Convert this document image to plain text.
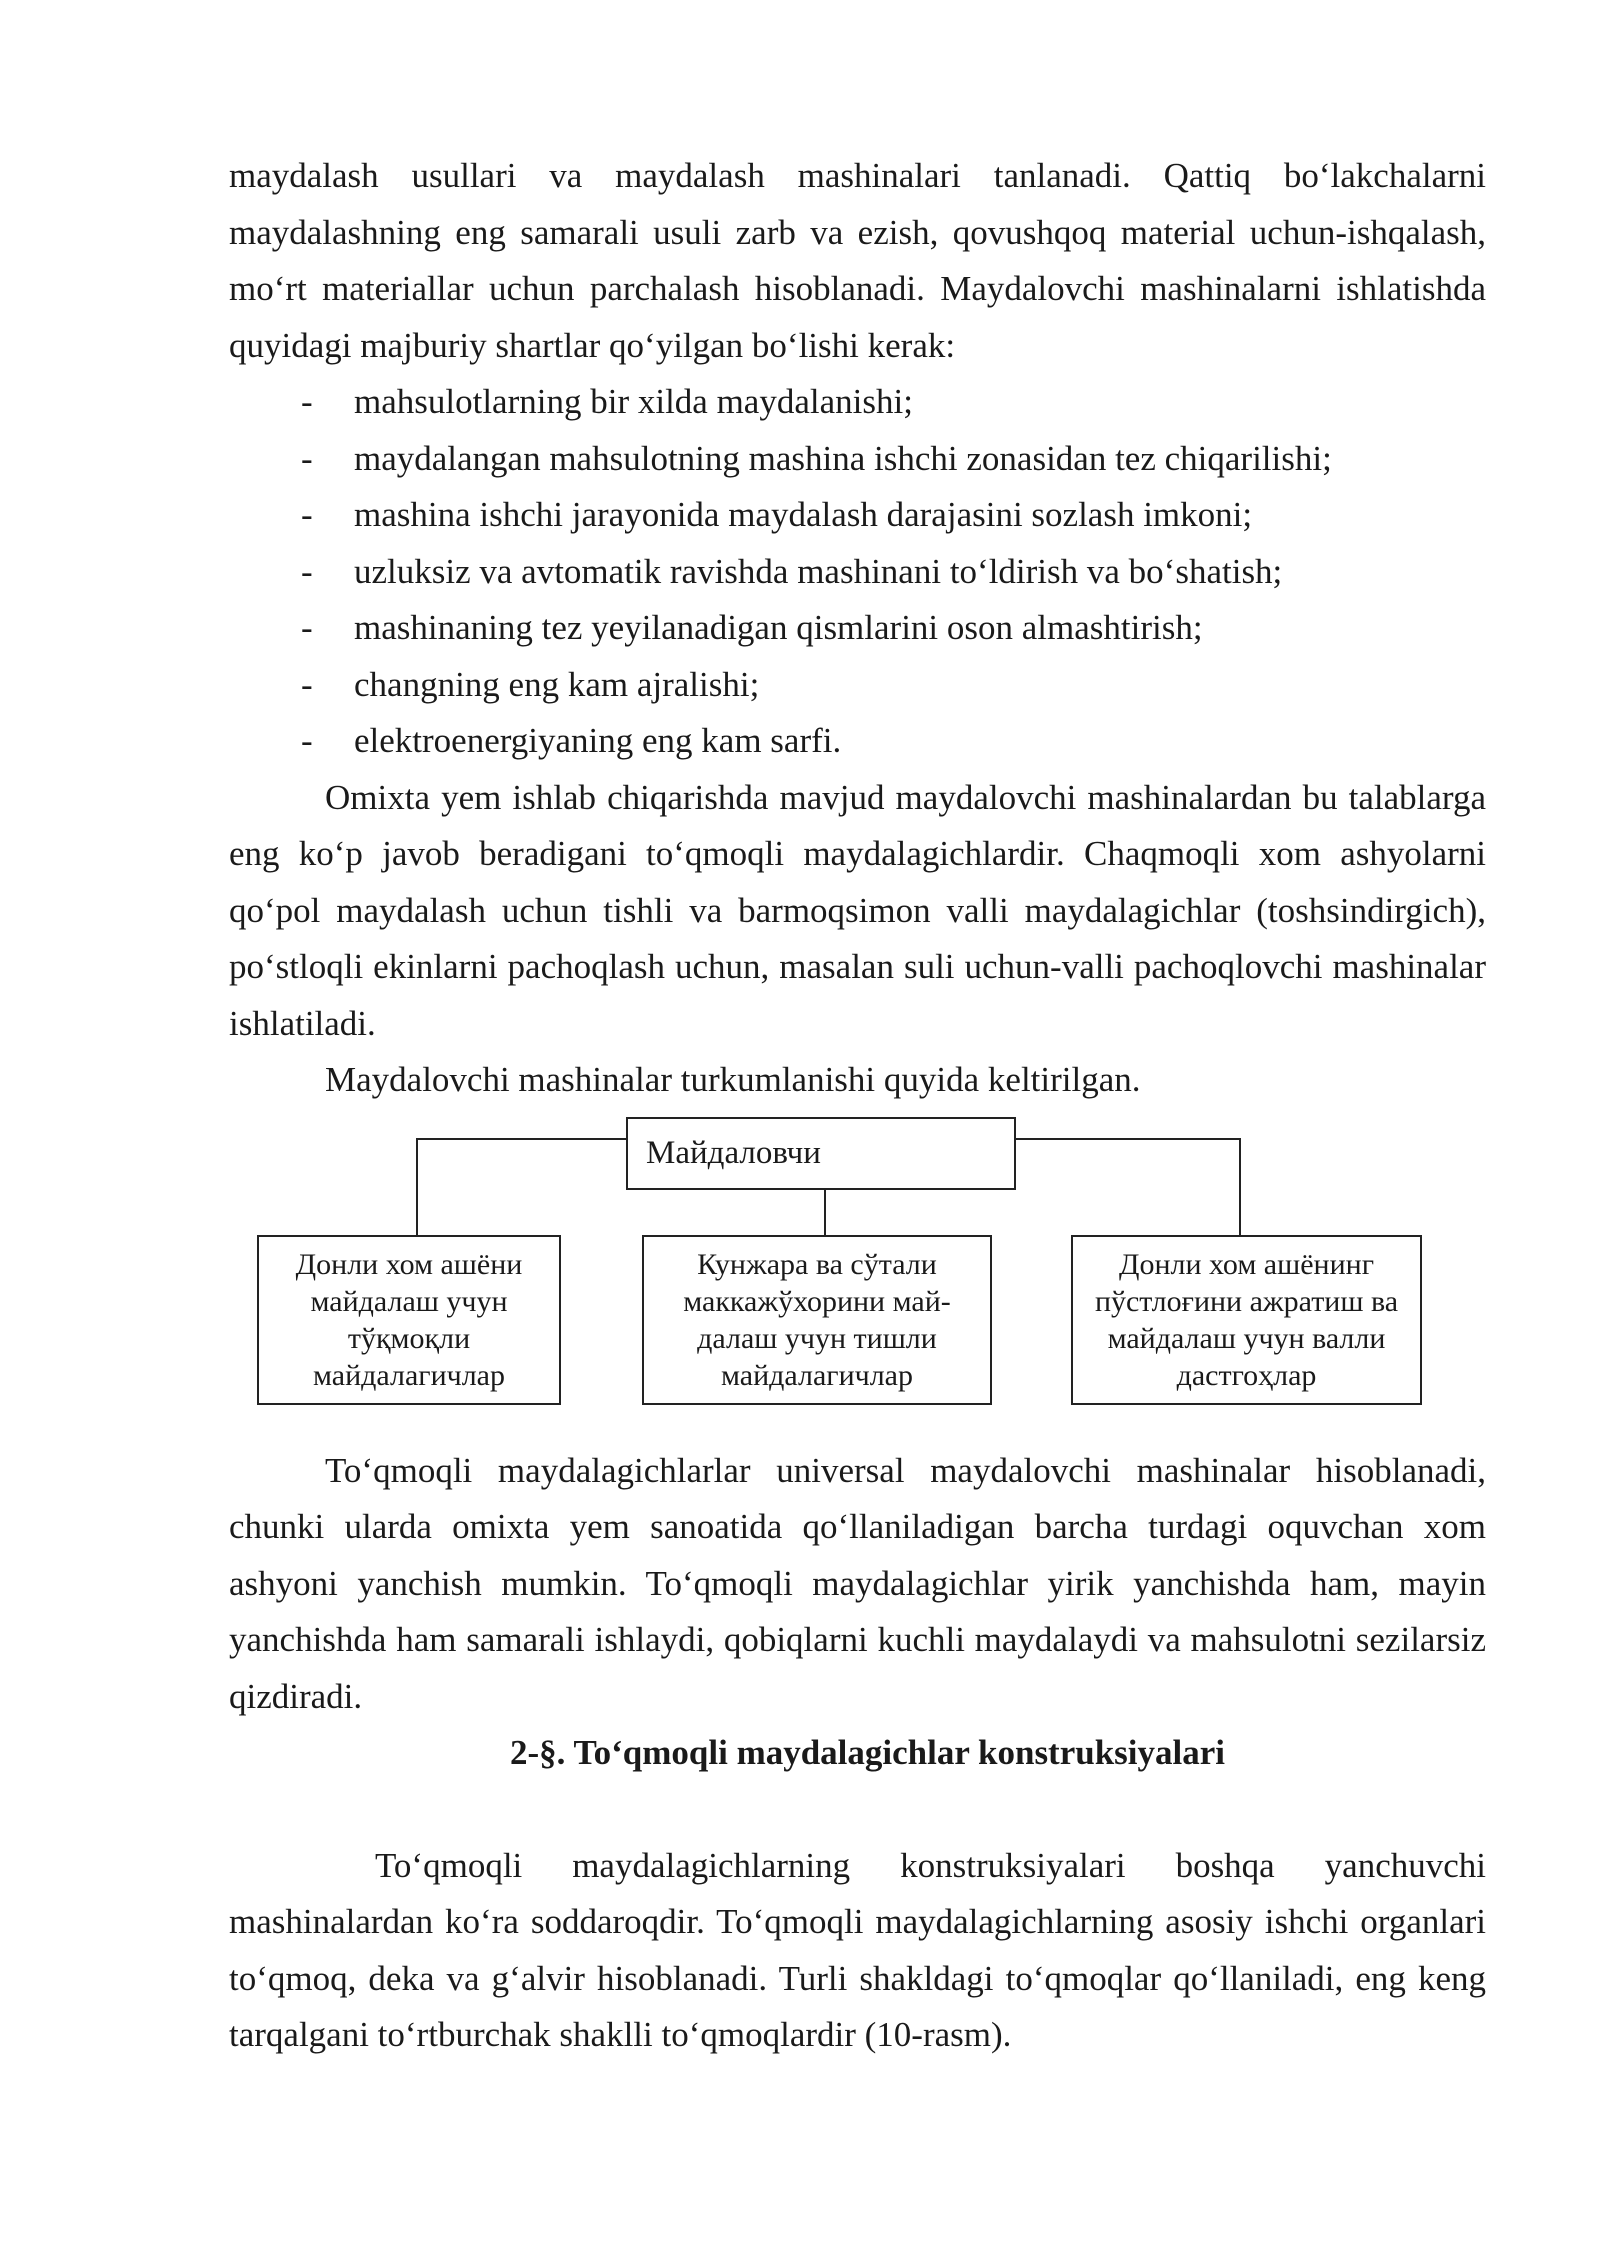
maydalash usullari va maydalash mashinalari tanlanadi. Qattiq bo‘lakchalarni maydalashning eng samarali usuli zarb va ezish, qovushqoq material uchun-ishqalash, mo‘rt materiallar uchun parchalash hisoblanadi. Maydalovchi mashinalarni ishlatishda quyidagi majburiy shartlar qo‘yilgan bo‘lishi kerak:

- mahsulotlarning bir xilda maydalanishi;
- maydalangan mahsulotning mashina ishchi zonasidan tez chiqarilishi;
- mashina ishchi jarayonida maydalash darajasini sozlash imkoni;
- uzluksiz va avtomatik ravishda mashinani to‘ldirish va bo‘shatish;
- mashinaning tez yeyilanadigan qismlarini oson almashtirish;
- changning eng kam ajralishi;
- elektroenergiyaning eng kam sarfi.

Omixta yem ishlab chiqarishda mavjud maydalovchi mashinalardan bu talablarga eng ko‘p javob beradigani to‘qmoqli maydalagichlardir. Chaqmoqli xom ashyolarni qo‘pol maydalash uchun tishli va barmoqsimon valli maydalagichlar (toshsindirgich), po‘stloqli ekinlarni pachoqlash uchun, masalan suli uchun-valli pachoqlovchi mashinalar ishlatiladi.

Maydalovchi mashinalar turkumlanishi quyida keltirilgan.

Майдаловчи
Донли хом ашёни майдалаш учун тўқмоқли майдалагичлар
Кунжара ва сўтали маккажўхорини май-далаш учун тишли майдалагичлар
Донли хом ашёнинг пўстлоғини ажратиш ва майдалаш учун валли дастгоҳлар

To‘qmoqli maydalagichlarlar universal maydalovchi mashinalar hisoblanadi, chunki ularda omixta yem sanoatida qo‘llaniladigan barcha turdagi oquvchan xom ashyoni yanchish mumkin. To‘qmoqli maydalagichlar yirik yanchishda ham, mayin yanchishda ham samarali ishlaydi, qobiqlarni kuchli maydalaydi va mahsulotni sezilarsiz qizdiradi.

2-§. To‘qmoqli maydalagichlar konstruksiyalari

To‘qmoqli maydalagichlarning konstruksiyalari boshqa yanchuvchi mashinalardan ko‘ra soddaroqdir. To‘qmoqli maydalagichlarning asosiy ishchi organlari to‘qmoq, deka va g‘alvir hisoblanadi. Turli shakldagi to‘qmoqlar qo‘llaniladi, eng keng tarqalgani to‘rtburchak shaklli to‘qmoqlardir (10-rasm).
